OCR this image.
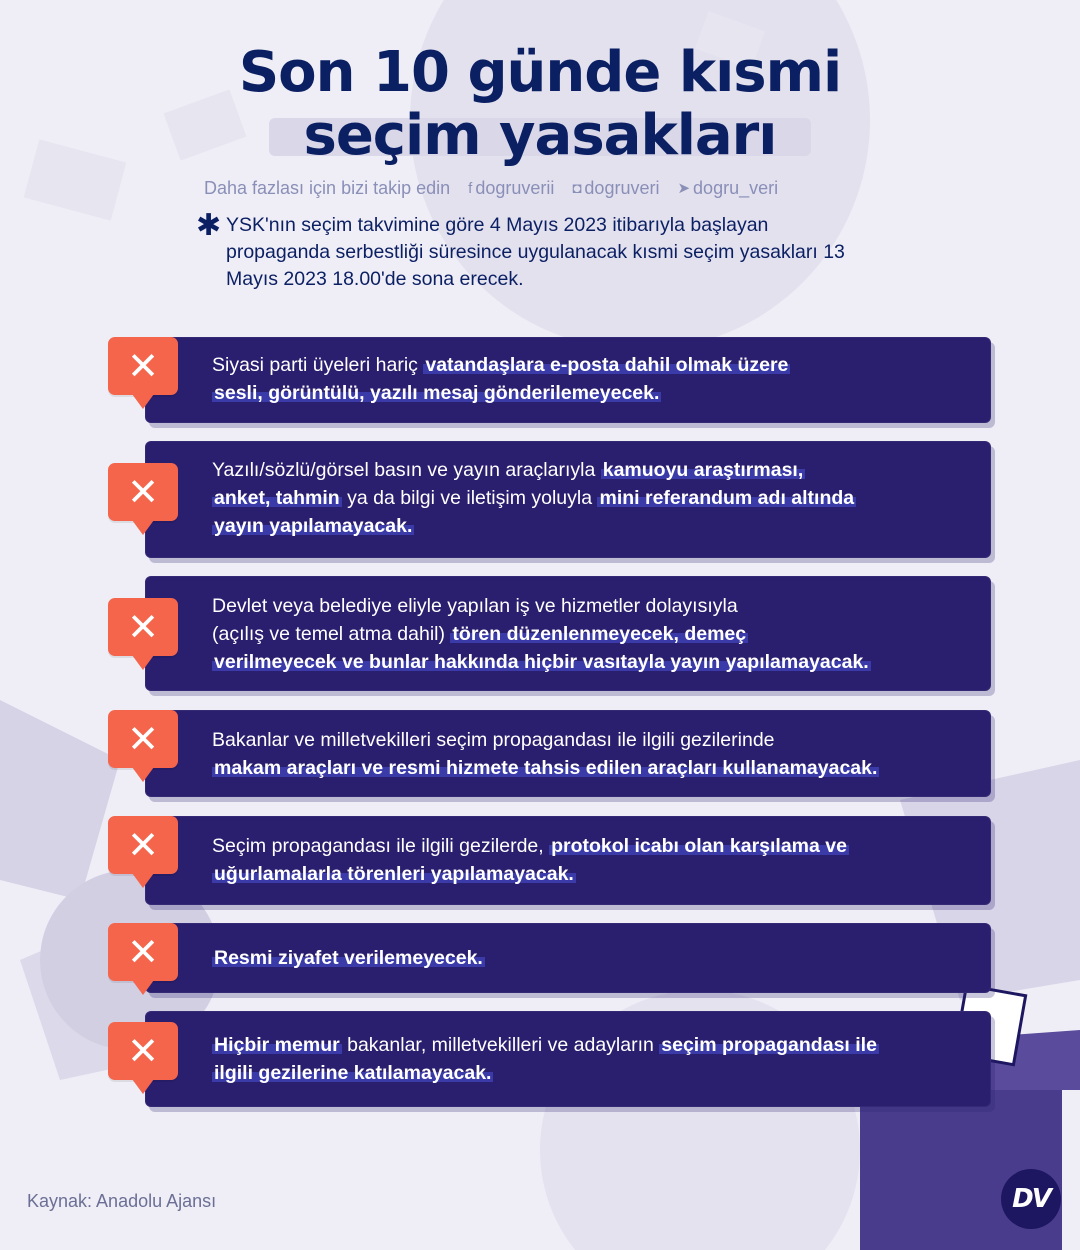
Son 10 günde kısmi
seçim yasakları
Daha fazlası için bizi takip edin f dogruverii ◘ dogruveri ➤ dogru_veri
✱ YSK'nın seçim takvimine göre 4 Mayıs 2023 itibarıyla başlayan propaganda serbestliği süresince uygulanacak kısmi seçim yasakları 13 Mayıs 2023 18.00'de sona erecek.
Siyasi parti üyeleri hariç vatandaşlara e-posta dahil olmak üzere
sesli, görüntülü, yazılı mesaj gönderilemeyecek.
✕
Yazılı/sözlü/görsel basın ve yayın araçlarıyla kamuoyu araştırması,
anket, tahmin ya da bilgi ve iletişim yoluyla mini referandum adı altında
yayın yapılamayacak.
✕
Devlet veya belediye eliyle yapılan iş ve hizmetler dolayısıyla
(açılış ve temel atma dahil) tören düzenlenmeyecek, demeç
verilmeyecek ve bunlar hakkında hiçbir vasıtayla yayın yapılamayacak.
✕
Bakanlar ve milletvekilleri seçim propagandası ile ilgili gezilerinde
makam araçları ve resmi hizmete tahsis edilen araçları kullanamayacak.
✕
Seçim propagandası ile ilgili gezilerde, protokol icabı olan karşılama ve
uğurlamalarla törenleri yapılamayacak.
✕
Resmi ziyafet verilemeyecek.
✕
Hiçbir memur bakanlar, milletvekilleri ve adayların seçim propagandası ile
ilgili gezilerine katılamayacak.
✕
Kaynak: Anadolu Ajansı	DV
